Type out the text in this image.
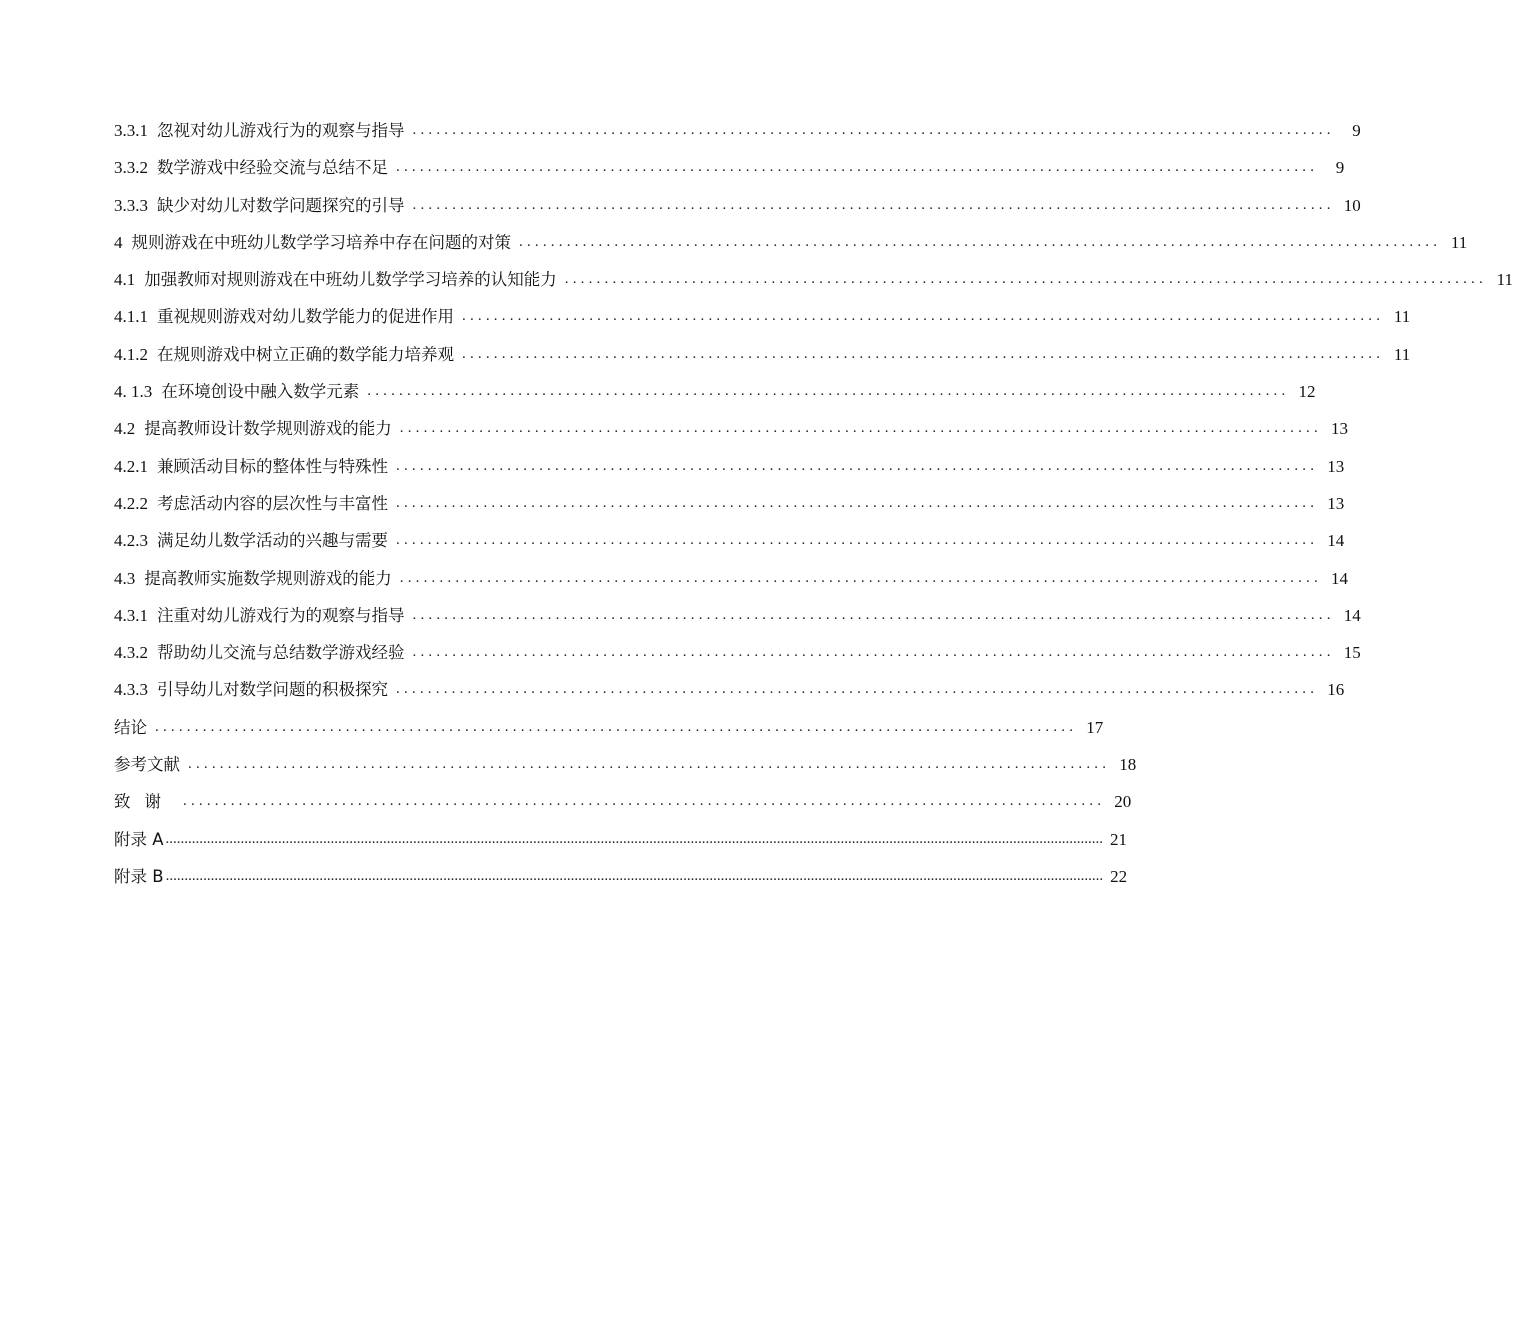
3.3.1 忽视对幼儿游戏行为的观察与指导 ....................................................................................................................	9
3.3.2 数学游戏中经验交流与总结不足 ....................................................................................................................	9
3.3.3 缺少对幼儿对数学问题探究的引导 .................................................................................................................... 10
4 规则游戏在中班幼儿数学学习培养中存在问题的对策 .................................................................................................................... 11
4.1 加强教师对规则游戏在中班幼儿数学学习培养的认知能力 .................................................................................................................... 11
4.1.1 重视规则游戏对幼儿数学能力的促进作用 .................................................................................................................... 11
4.1.2 在规则游戏中树立正确的数学能力培养观 .................................................................................................................... 11
4. 1.3 在环境创设中融入数学元素 .................................................................................................................... 12
4.2 提高教师设计数学规则游戏的能力 .................................................................................................................... 13
4.2.1 兼顾活动目标的整体性与特殊性 .................................................................................................................... 13
4.2.2 考虑活动内容的层次性与丰富性 .................................................................................................................... 13
4.2.3 满足幼儿数学活动的兴趣与需要 .................................................................................................................... 14
4.3 提高教师实施数学规则游戏的能力 .................................................................................................................... 14
4.3.1 注重对幼儿游戏行为的观察与指导 .................................................................................................................... 14
4.3.2 帮助幼儿交流与总结数学游戏经验 .................................................................................................................... 15
4.3.3 引导幼儿对数学问题的积极探究 .................................................................................................................... 16
结论 .................................................................................................................... 17
参考文献 .................................................................................................................... 18
致谢 .................................................................................................................... 20
附录 A .......................................................................................................................................................................................................................................................... 21
附录 B .......................................................................................................................................................................................................................................................... 22
